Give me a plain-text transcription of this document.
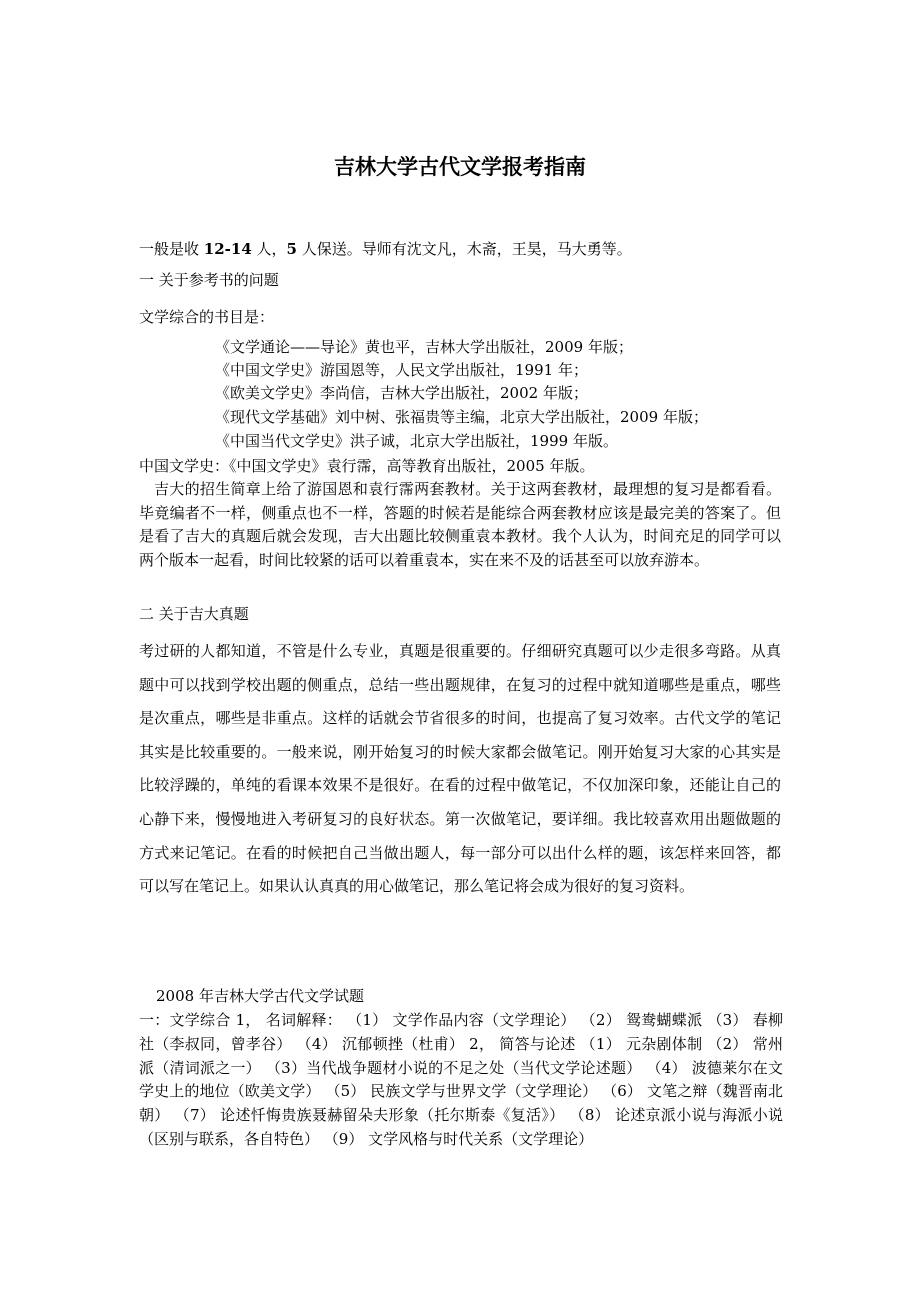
吉林大学古代文学报考指南
一般是收 12-14 人，5 人保送。导师有沈文凡，木斋，王昊，马大勇等。
一 关于参考书的问题
文学综合的书目是：
《文学通论——导论》黄也平，吉林大学出版社，2009 年版；
《中国文学史》游国恩等，人民文学出版社，1991 年；
《欧美文学史》李尚信，吉林大学出版社，2002 年版；
《现代文学基础》刘中树、张福贵等主编，北京大学出版社，2009 年版；
《中国当代文学史》洪子诚，北京大学出版社，1999 年版。
中国文学史：《中国文学史》袁行霈，高等教育出版社，2005 年版。
吉大的招生简章上给了游国恩和袁行霈两套教材。关于这两套教材，最理想的复习是都看看。毕竟编者不一样，侧重点也不一样，答题的时候若是能综合两套教材应该是最完美的答案了。但是看了吉大的真题后就会发现，吉大出题比较侧重袁本教材。我个人认为，时间充足的同学可以两个版本一起看，时间比较紧的话可以着重袁本，实在来不及的话甚至可以放弃游本。
二 关于吉大真题
考过研的人都知道，不管是什么专业，真题是很重要的。仔细研究真题可以少走很多弯路。从真题中可以找到学校出题的侧重点，总结一些出题规律，在复习的过程中就知道哪些是重点，哪些是次重点，哪些是非重点。这样的话就会节省很多的时间，也提高了复习效率。古代文学的笔记其实是比较重要的。一般来说，刚开始复习的时候大家都会做笔记。刚开始复习大家的心其实是比较浮躁的，单纯的看课本效果不是很好。在看的过程中做笔记，不仅加深印象，还能让自己的心静下来，慢慢地进入考研复习的良好状态。第一次做笔记，要详细。我比较喜欢用出题做题的方式来记笔记。在看的时候把自己当做出题人，每一部分可以出什么样的题，该怎样来回答，都可以写在笔记上。如果认认真真的用心做笔记，那么笔记将会成为很好的复习资料。
2008 年吉林大学古代文学试题
一：文学综合 1， 名词解释： （1） 文学作品内容（文学理论） （2） 鸳鸯蝴蝶派 （3） 春柳社（李叔同，曾孝谷） （4） 沉郁顿挫（杜甫） 2， 简答与论述 （1） 元杂剧体制 （2） 常州派（清词派之一） （3）当代战争题材小说的不足之处（当代文学论述题） （4） 波德莱尔在文学史上的地位（欧美文学） （5） 民族文学与世界文学（文学理论） （6） 文笔之辩（魏晋南北朝） （7） 论述忏悔贵族聂赫留朵夫形象（托尔斯泰《复活》） （8） 论述京派小说与海派小说（区别与联系，各自特色） （9） 文学风格与时代关系（文学理论）
